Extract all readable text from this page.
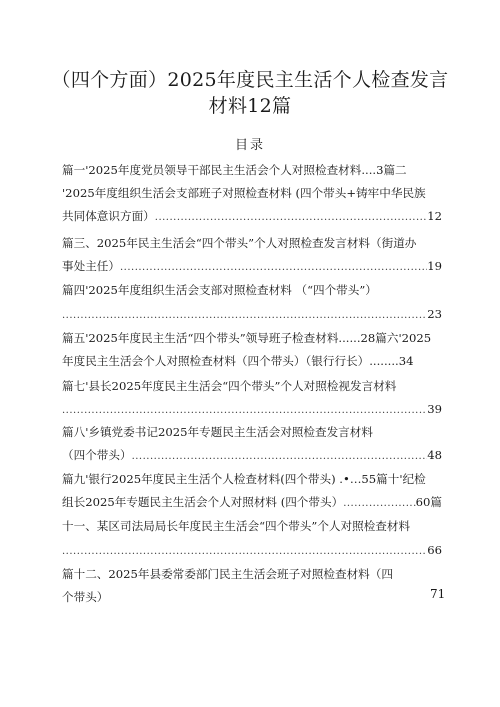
（四个方面）2025年度民主生活个人检查发言
材料12篇
目录
篇一'2025年度党员领导干部民主生活会个人对照检查材料....3篇二
'2025年度组织生活会支部班子对照检查材料 (四个带头+铸牢中华民族
共同体意识方面） .....	12
篇三、2025年民主生活会“四个带头”个人对照检查发言材料（街道办
事处主任） .....	19
篇四'2025年度组织生活会支部对照检查材料 （“四个带头”）
.....
23
篇五'2025年度民主生活“四个带头”领导班子检查材料......28篇六'2025
年度民主生活会个人对照检查材料（四个带头）（银行行长）........34
篇七'县长2025年度民主生活会“四个带头”个人对照检视发言材料
.....
39
篇八'乡镇党委书记2025年专题民主生活会对照检查发言材料
（四个带头） .....	48
篇九'银行2025年度民主生活个人检查材料(四个带头) .•…55篇十'纪检
组长2025年专题民主生活会个人对照材料 (四个带头） .....	60篇
十一、某区司法局局长年度民主生活会“四个带头”个人对照检查材料
.....
66
篇十二、2025年县委常委部门民主生活会班子对照检查材料（四
个带头）	71
